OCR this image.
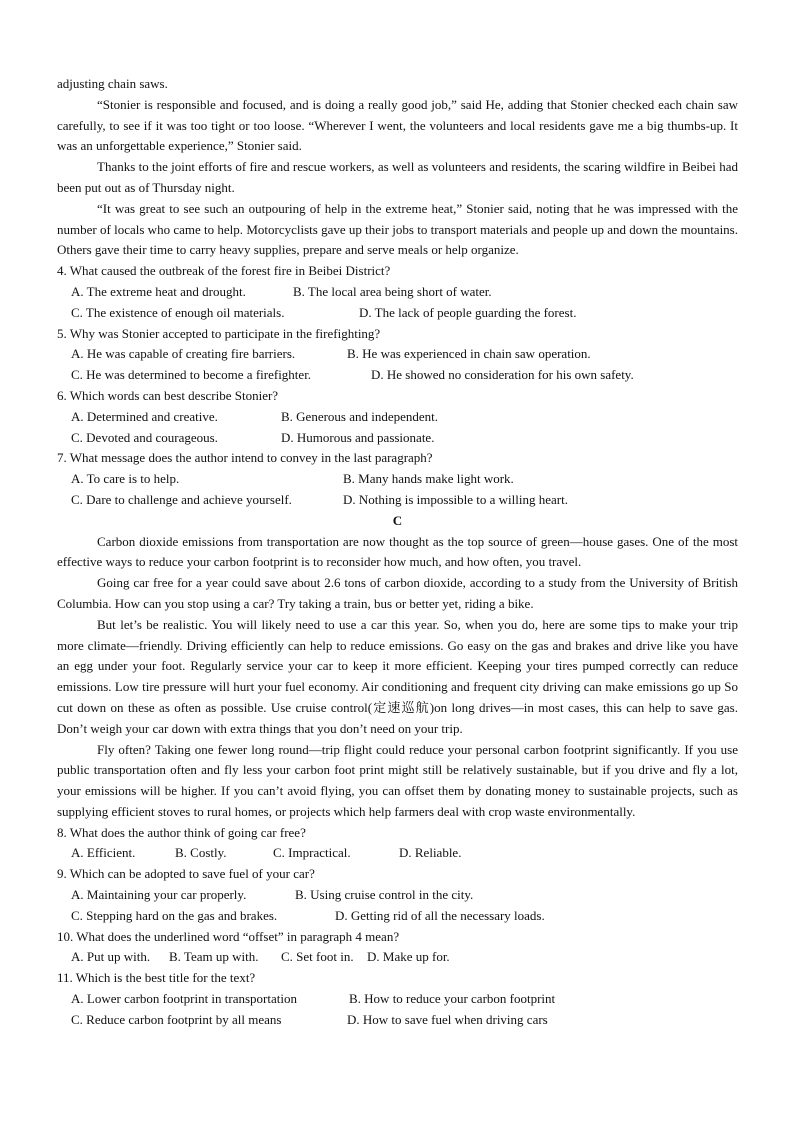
adjusting chain saws.

“Stonier is responsible and focused, and is doing a really good job,” said He, adding that Stonier checked each chain saw carefully, to see if it was too tight or too loose. “Wherever I went, the volunteers and local residents gave me a big thumbs-up. It was an unforgettable experience,” Stonier said.

Thanks to the joint efforts of fire and rescue workers, as well as volunteers and residents, the scaring wildfire in Beibei had been put out as of Thursday night.

“It was great to see such an outpouring of help in the extreme heat,” Stonier said, noting that he was impressed with the number of locals who came to help. Motorcyclists gave up their jobs to transport materials and people up and down the mountains. Others gave their time to carry heavy supplies, prepare and serve meals or help organize.

4. What caused the outbreak of the forest fire in Beibei District?

A. The extreme heat and drought.	B. The local area being short of water.
C. The existence of enough oil materials.	D. The lack of people guarding the forest.

5. Why was Stonier accepted to participate in the firefighting?

A. He was capable of creating fire barriers.	B. He was experienced in chain saw operation.
C. He was determined to become a firefighter.	D. He showed no consideration for his own safety.

6. Which words can best describe Stonier?

A. Determined and creative.	B. Generous and independent.
C. Devoted and courageous.	D. Humorous and passionate.

7. What message does the author intend to convey in the last paragraph?

A. To care is to help.	B. Many hands make light work.
C. Dare to challenge and achieve yourself.	D. Nothing is impossible to a willing heart.

C

Carbon dioxide emissions from transportation are now thought as the top source of green—house gases. One of the most effective ways to reduce your carbon footprint is to reconsider how much, and how often, you travel.

Going car free for a year could save about 2.6 tons of carbon dioxide, according to a study from the University of British Columbia. How can you stop using a car? Try taking a train, bus or better yet, riding a bike.

But let’s be realistic. You will likely need to use a car this year. So, when you do, here are some tips to make your trip more climate—friendly. Driving efficiently can help to reduce emissions. Go easy on the gas and brakes and drive like you have an egg under your foot. Regularly service your car to keep it more efficient. Keeping your tires pumped correctly can reduce emissions. Low tire pressure will hurt your fuel economy. Air conditioning and frequent city driving can make emissions go up So cut down on these as often as possible. Use cruise control(定速巡航)on long drives—in most cases, this can help to save gas. Don’t weigh your car down with extra things that you don’t need on your trip.

Fly often? Taking one fewer long round—trip flight could reduce your personal carbon footprint significantly. If you use public transportation often and fly less your carbon foot print might still be relatively sustainable, but if you drive and fly a lot, your emissions will be higher. If you can’t avoid flying, you can offset them by donating money to sustainable projects, such as supplying efficient stoves to rural homes, or projects which help farmers deal with crop waste environmentally.

8. What does the author think of going car free?

A. Efficient.	B. Costly.	C. Impractical.	D. Reliable.

9. Which can be adopted to save fuel of your car?

A. Maintaining your car properly.	B. Using cruise control in the city.
C. Stepping hard on the gas and brakes.	D. Getting rid of all the necessary loads.

10. What does the underlined word “offset” in paragraph 4 mean?

A. Put up with.	B. Team up with.	C. Set foot in.	D. Make up for.

11. Which is the best title for the text?

A. Lower carbon footprint in transportation	B. How to reduce your carbon footprint
C. Reduce carbon footprint by all means	D. How to save fuel when driving cars
